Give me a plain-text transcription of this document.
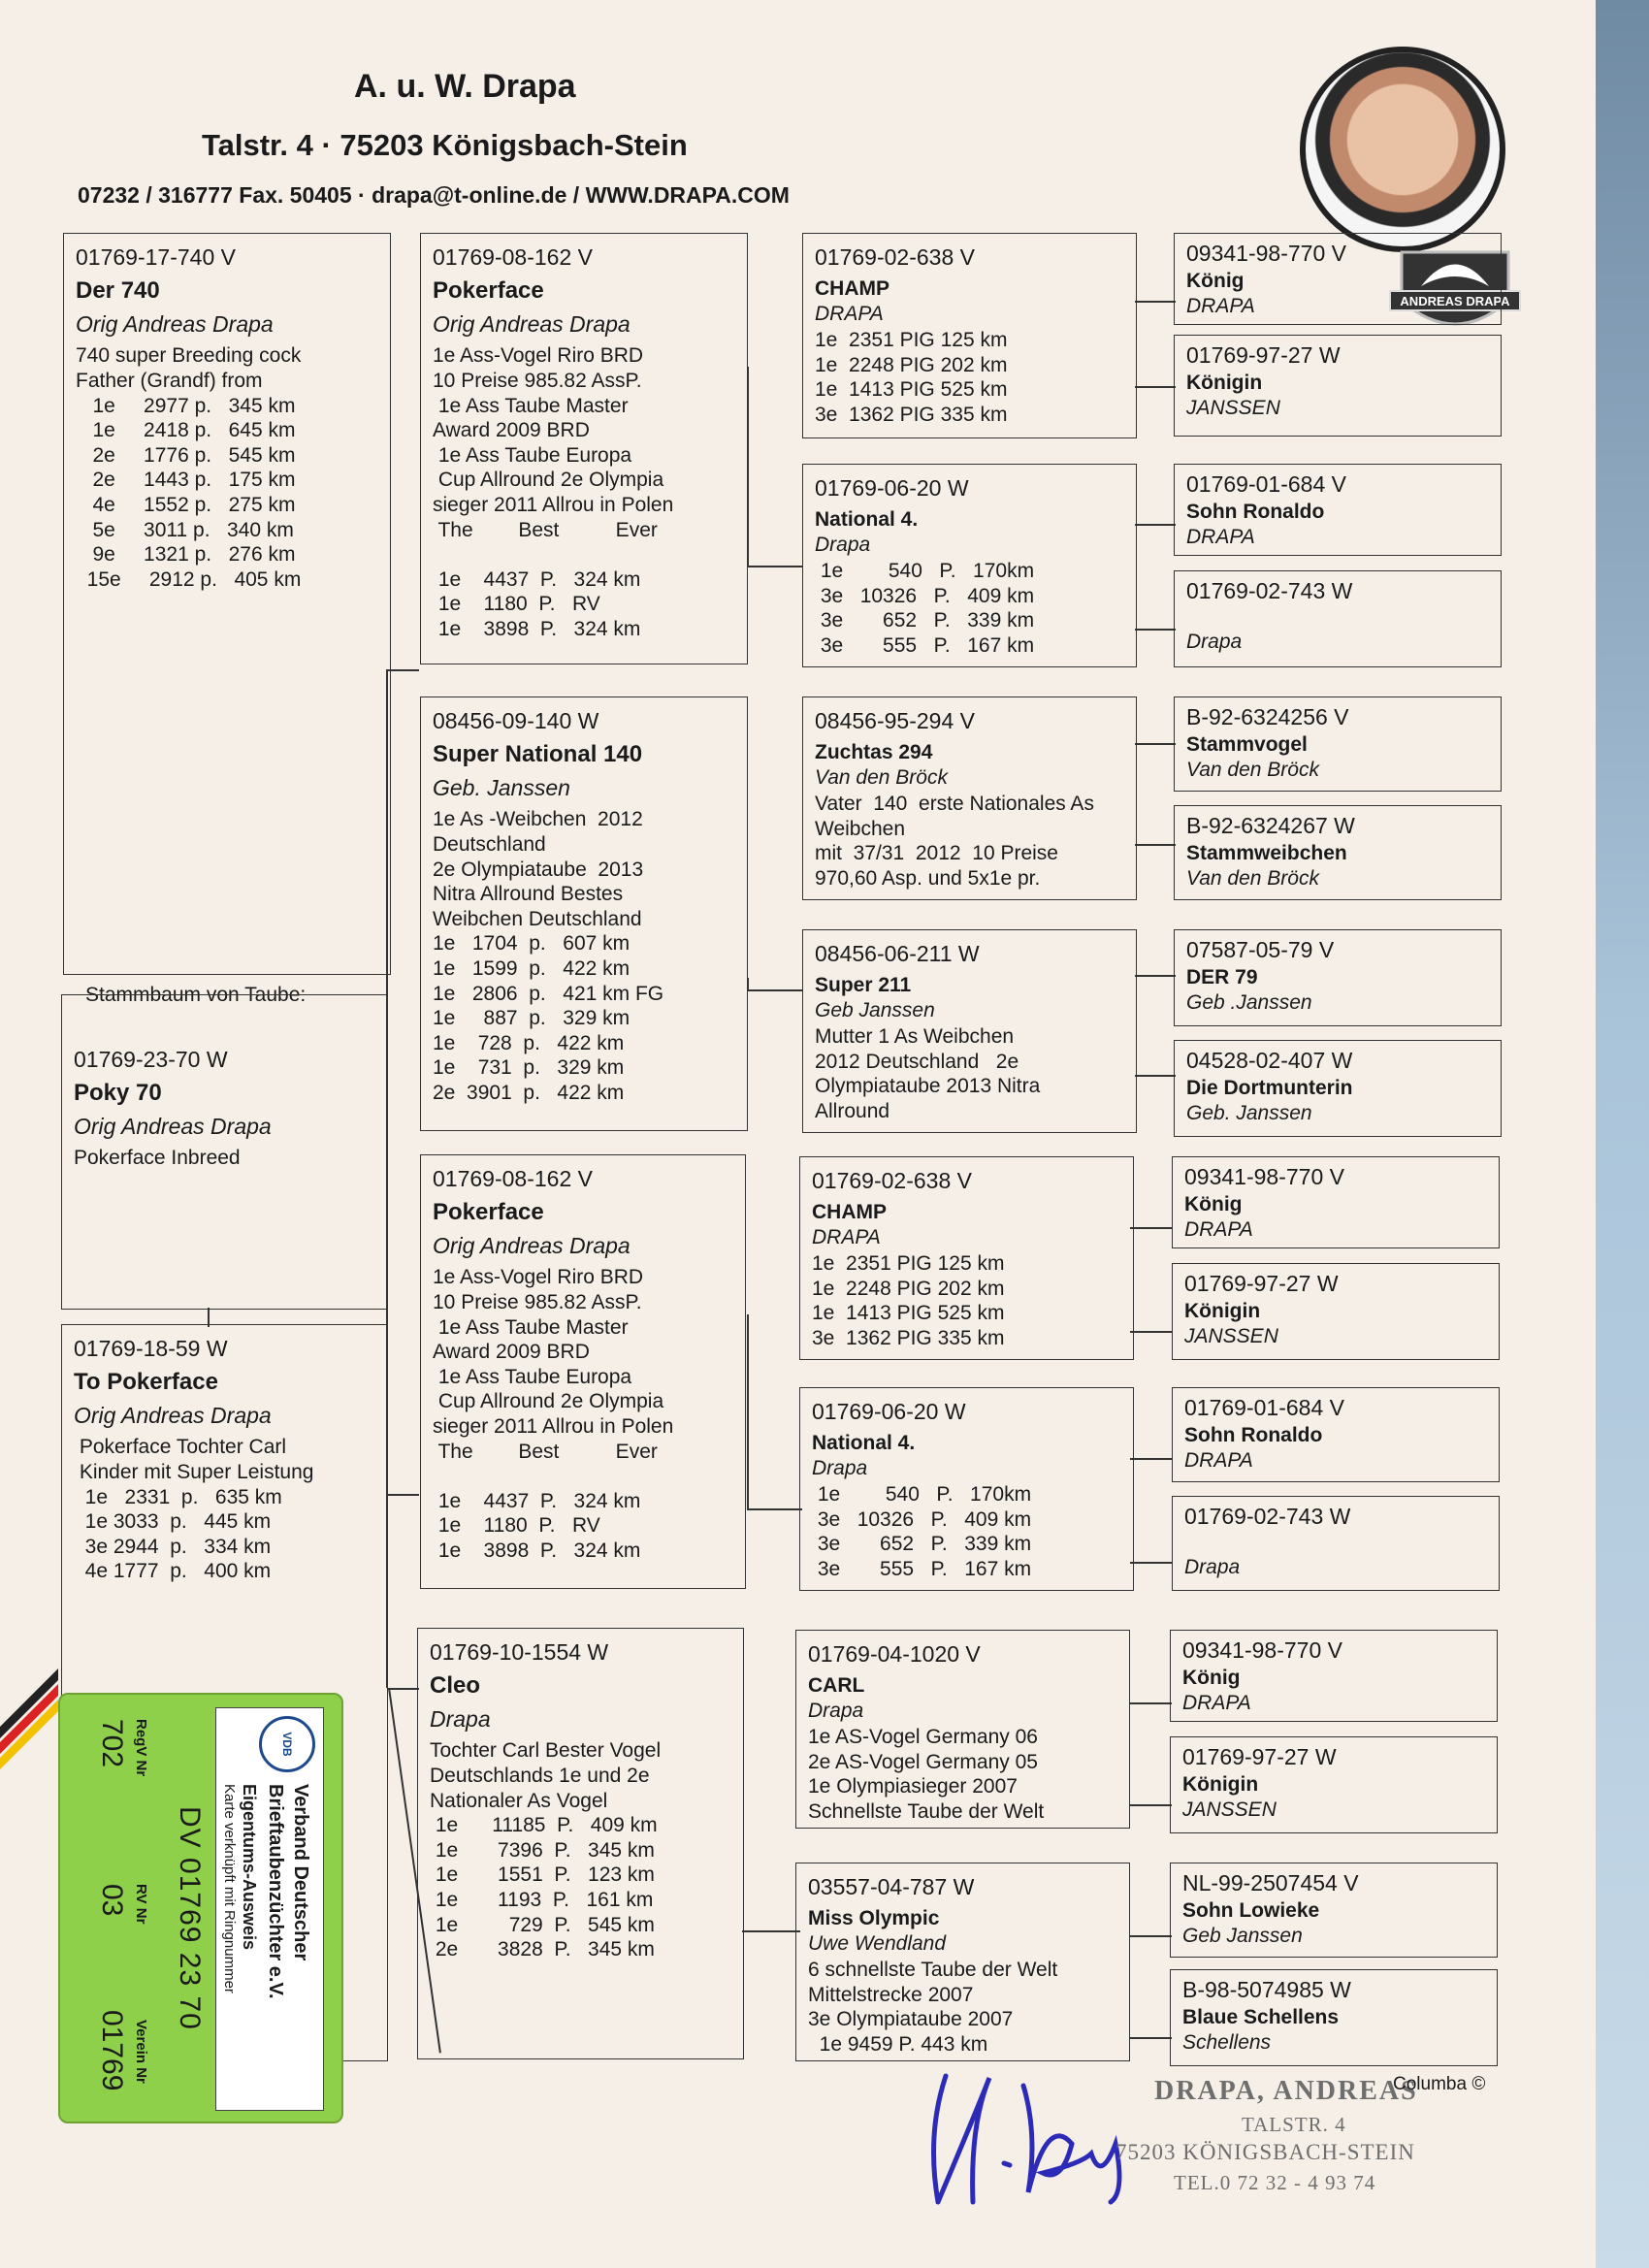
A. u. W. Drapa
Talstr. 4 · 75203 Königsbach-Stein
07232 / 316777 Fax. 50405 · drapa@t-online.de / WWW.DRAPA.COM
ANDREAS DRAPA
01769-17-740 V
Der 740
Orig Andreas Drapa
740 super Breeding cock
Father (Grandf) from
1e     2977 p.   345 km
1e     2418 p.   645 km
2e     1776 p.   545 km
2e     1443 p.   175 km
4e     1552 p.   275 km
5e     3011 p.   340 km
9e     1321 p.   276 km
15e     2912 p.   405 km
Stammbaum von Taube:
01769-23-70 W
Poky 70
Orig Andreas Drapa
Pokerface Inbreed
01769-18-59 W
To Pokerface
Orig Andreas Drapa
Pokerface Tochter Carl
Kinder mit Super Leistung
1e   2331  p.   635 km
1e 3033  p.   445 km
3e 2944  p.   334 km
4e 1777  p.   400 km
01769-08-162 V
Pokerface
Orig Andreas Drapa
1e Ass-Vogel Riro BRD
10 Preise 985.82 AssP.
1e Ass Taube Master
Award 2009 BRD
1e Ass Taube Europa
Cup Allround 2e Olympia
sieger 2011 Allrou in Polen
The        Best          Ever

1e    4437  P.   324 km
1e    1180  P.   RV
1e    3898  P.   324 km
08456-09-140 W
Super National 140
Geb. Janssen
1e As -Weibchen  2012
Deutschland
2e Olympiataube  2013
Nitra Allround Bestes
Weibchen Deutschland
1e   1704  p.   607 km
1e   1599  p.   422 km
1e   2806  p.   421 km FG
1e     887  p.   329 km
1e    728  p.   422 km
1e    731  p.   329 km
2e  3901  p.   422 km
01769-08-162 V
Pokerface
Orig Andreas Drapa
1e Ass-Vogel Riro BRD
10 Preise 985.82 AssP.
1e Ass Taube Master
Award 2009 BRD
1e Ass Taube Europa
Cup Allround 2e Olympia
sieger 2011 Allrou in Polen
The        Best          Ever

1e    4437  P.   324 km
1e    1180  P.   RV
1e    3898  P.   324 km
01769-10-1554 W
Cleo
Drapa
Tochter Carl Bester Vogel
Deutschlands 1e und 2e
Nationaler As Vogel
1e      11185  P.   409 km
1e       7396  P.   345 km
1e       1551  P.   123 km
1e       1193  P.   161 km
1e         729  P.   545 km
2e       3828  P.   345 km
01769-02-638 V
CHAMP
DRAPA
1e  2351 PIG 125 km
1e  2248 PIG 202 km
1e  1413 PIG 525 km
3e  1362 PIG 335 km
01769-06-20 W
National 4.
Drapa
1e        540   P.   170km
3e   10326   P.   409 km
3e       652   P.   339 km
3e       555   P.   167 km
08456-95-294 V
Zuchtas 294
Van den Bröck
Vater  140  erste Nationales As
Weibchen
mit  37/31  2012  10 Preise
970,60 Asp. und 5x1e pr.
08456-06-211 W
Super 211
Geb Janssen
Mutter 1 As Weibchen
2012 Deutschland   2e
Olympiataube 2013 Nitra
Allround
01769-02-638 V
CHAMP
DRAPA
1e  2351 PIG 125 km
1e  2248 PIG 202 km
1e  1413 PIG 525 km
3e  1362 PIG 335 km
01769-06-20 W
National 4.
Drapa
1e        540   P.   170km
3e   10326   P.   409 km
3e       652   P.   339 km
3e       555   P.   167 km
01769-04-1020 V
CARL
Drapa
1e AS-Vogel Germany 06
2e AS-Vogel Germany 05
1e Olympiasieger 2007
Schnellste Taube der Welt
03557-04-787 W
Miss Olympic
Uwe Wendland
6 schnellste Taube der Welt
Mittelstrecke 2007
3e Olympiataube 2007
1e 9459 P. 443 km
09341-98-770 V
König
DRAPA
01769-97-27 W
Königin
JANSSEN
01769-01-684 V
Sohn Ronaldo
DRAPA
01769-02-743 W
Drapa
B-92-6324256 V
Stammvogel
Van den Bröck
B-92-6324267 W
Stammweibchen
Van den Bröck
07587-05-79 V
DER 79
Geb .Janssen
04528-02-407 W
Die Dortmunterin
Geb. Janssen
09341-98-770 V
König
DRAPA
01769-97-27 W
Königin
JANSSEN
01769-01-684 V
Sohn Ronaldo
DRAPA
01769-02-743 W
Drapa
09341-98-770 V
König
DRAPA
01769-97-27 W
Königin
JANSSEN
NL-99-2507454 V
Sohn Lowieke
Geb Janssen
B-98-5074985 W
Blaue Schellens
Schellens
VDB
Verband Deutscher
Brieftaubenzüchter e.V.
Eigentums-Ausweis
Karte verknüpft mit Ringnummer
DV 01769 23 70
RegV Nr
RV Nr
Verein Nr
702
03
01769
DRAPA, ANDREAS
TALSTR. 4
75203 KÖNIGSBACH-STEIN
TEL.0 72 32 - 4 93 74
Columba ©
